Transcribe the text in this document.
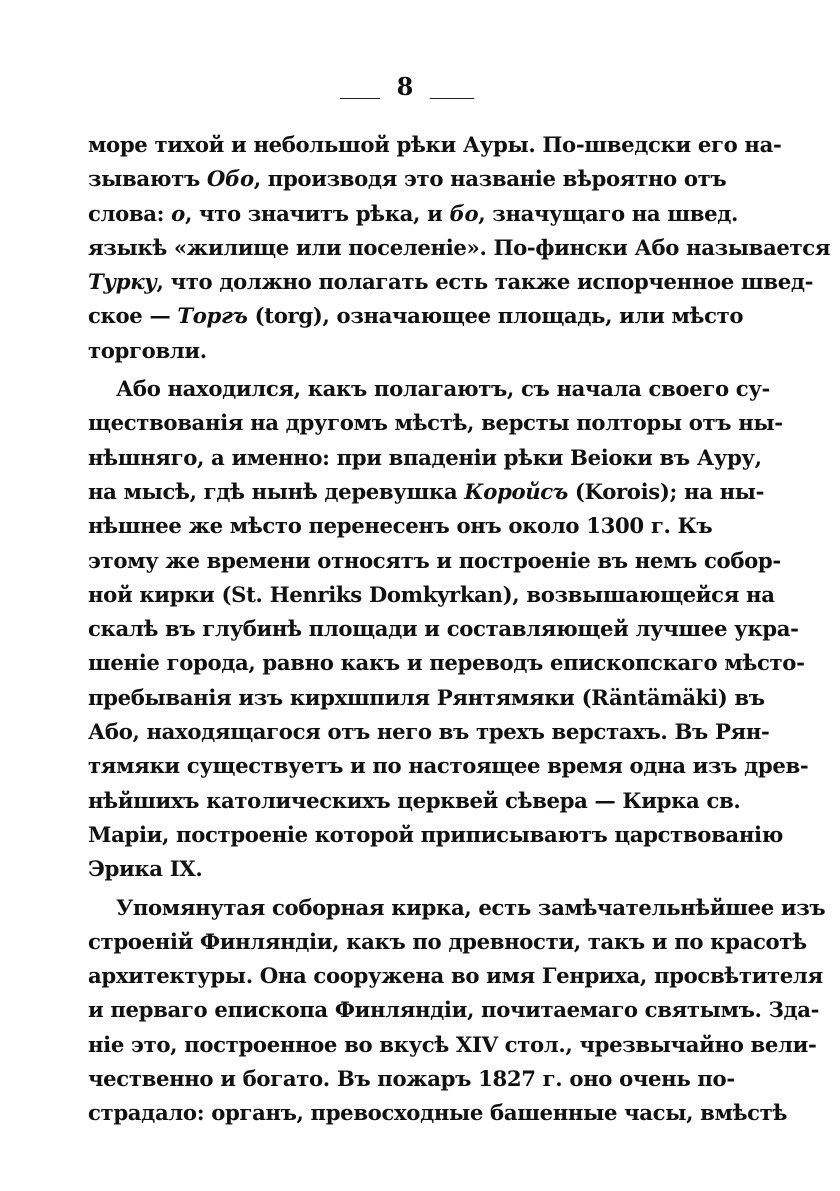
8
море тихой и небольшой рѣки Ауры. По-шведски его на-
зываютъ Обо, производя это названіе вѣроятно отъ
слова: о, что значитъ рѣка, и бо, значущаго на швед.
языкѣ «жилище или поселеніе». По-фински Або называется
Турку, что должно полагать есть также испорченное швед-
ское — Торгъ (torg), означающее площадь, или мѣсто
торговли.
Або находился, какъ полагаютъ, съ начала своего су-
ществованія на другомъ мѣстѣ, версты полторы отъ ны-
нѣшняго, а именно: при впаденіи рѣки Веіоки въ Ауру,
на мысѣ, гдѣ нынѣ деревушка Коройсъ (Korois); на ны-
нѣшнее же мѣсто перенесенъ онъ около 1300 г. Къ
этому же времени относятъ и построеніе въ немъ собор-
ной кирки (St. Henriks Domkyrkan), возвышающейся на
скалѣ въ глубинѣ площади и составляющей лучшее укра-
шеніе города, равно какъ и переводъ епископскаго мѣсто-
пребыванія изъ кирхшпиля Рянтямяки (Räntämäki) въ
Або, находящагося отъ него въ трехъ верстахъ. Въ Рян-
тямяки существуетъ и по настоящее время одна изъ древ-
нѣйшихъ католическихъ церквей сѣвера — Кирка св.
Маріи, построеніе которой приписываютъ царствованію
Эрика IX.
Упомянутая соборная кирка, есть замѣчательнѣйшее изъ
строеній Финляндіи, какъ по древности, такъ и по красотѣ
архитектуры. Она сооружена во имя Генриха, просвѣтителя
и перваго епископа Финляндіи, почитаемаго святымъ. Зда-
ніе это, построенное во вкусѣ XIV стол., чрезвычайно вели-
чественно и богато. Въ пожаръ 1827 г. оно очень по-
страдало: органъ, превосходные башенные часы, вмѣстѣ
